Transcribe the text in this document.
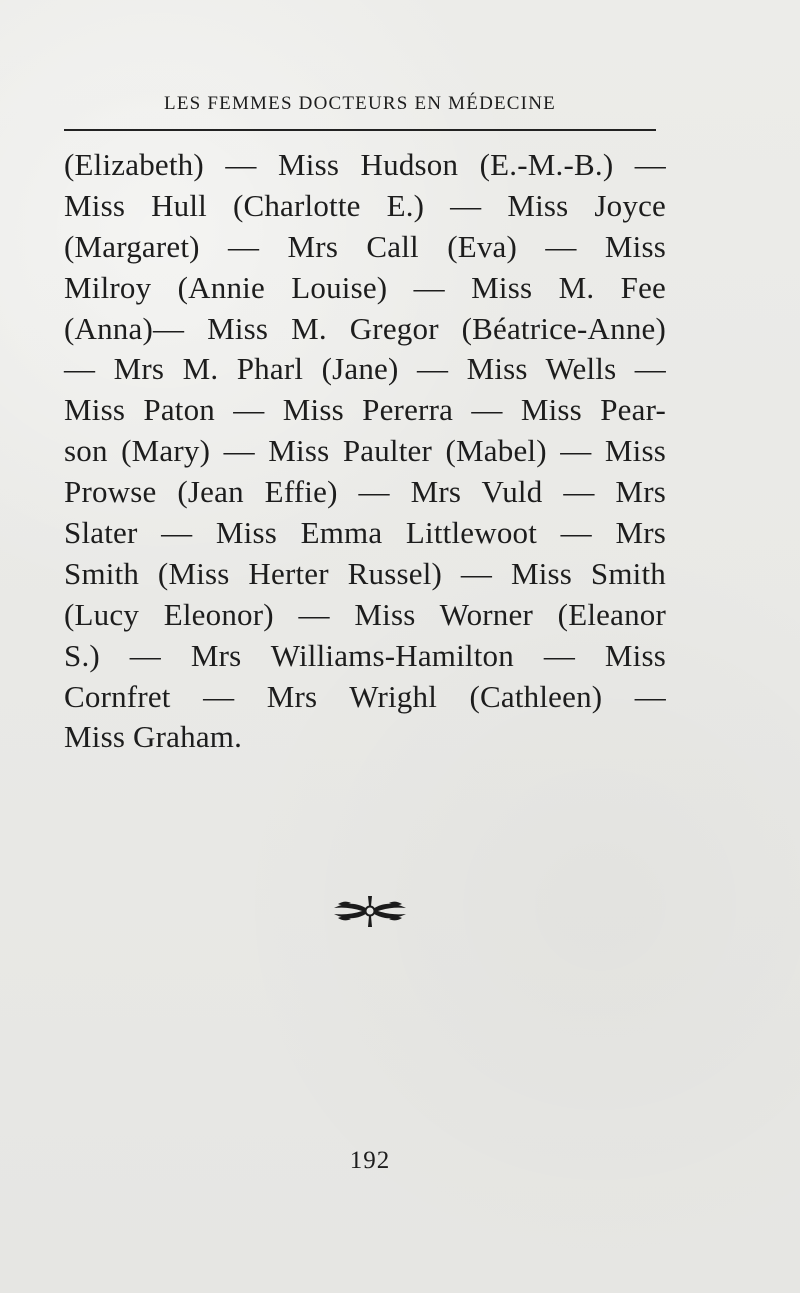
LES FEMMES DOCTEURS EN MÉDECINE
(Elizabeth) — Miss Hudson (E.-M.-B.) —
Miss Hull (Charlotte E.) — Miss Joyce
(Margaret) — Mrs Call (Eva) — Miss
Milroy (Annie Louise) — Miss M. Fee
(Anna)— Miss M. Gregor (Béatrice-Anne)
— Mrs M. Pharl (Jane) — Miss Wells —
Miss Paton — Miss Pererra — Miss Pear-
son (Mary) — Miss Paulter (Mabel) — Miss
Prowse (Jean Effie) — Mrs Vuld — Mrs
Slater — Miss Emma Littlewoot — Mrs
Smith (Miss Herter Russel) — Miss Smith
(Lucy Eleonor) — Miss Worner (Eleanor
S.) — Mrs Williams-Hamilton — Miss
Cornfret — Mrs Wrighl (Cathleen) —
Miss Graham.
192
